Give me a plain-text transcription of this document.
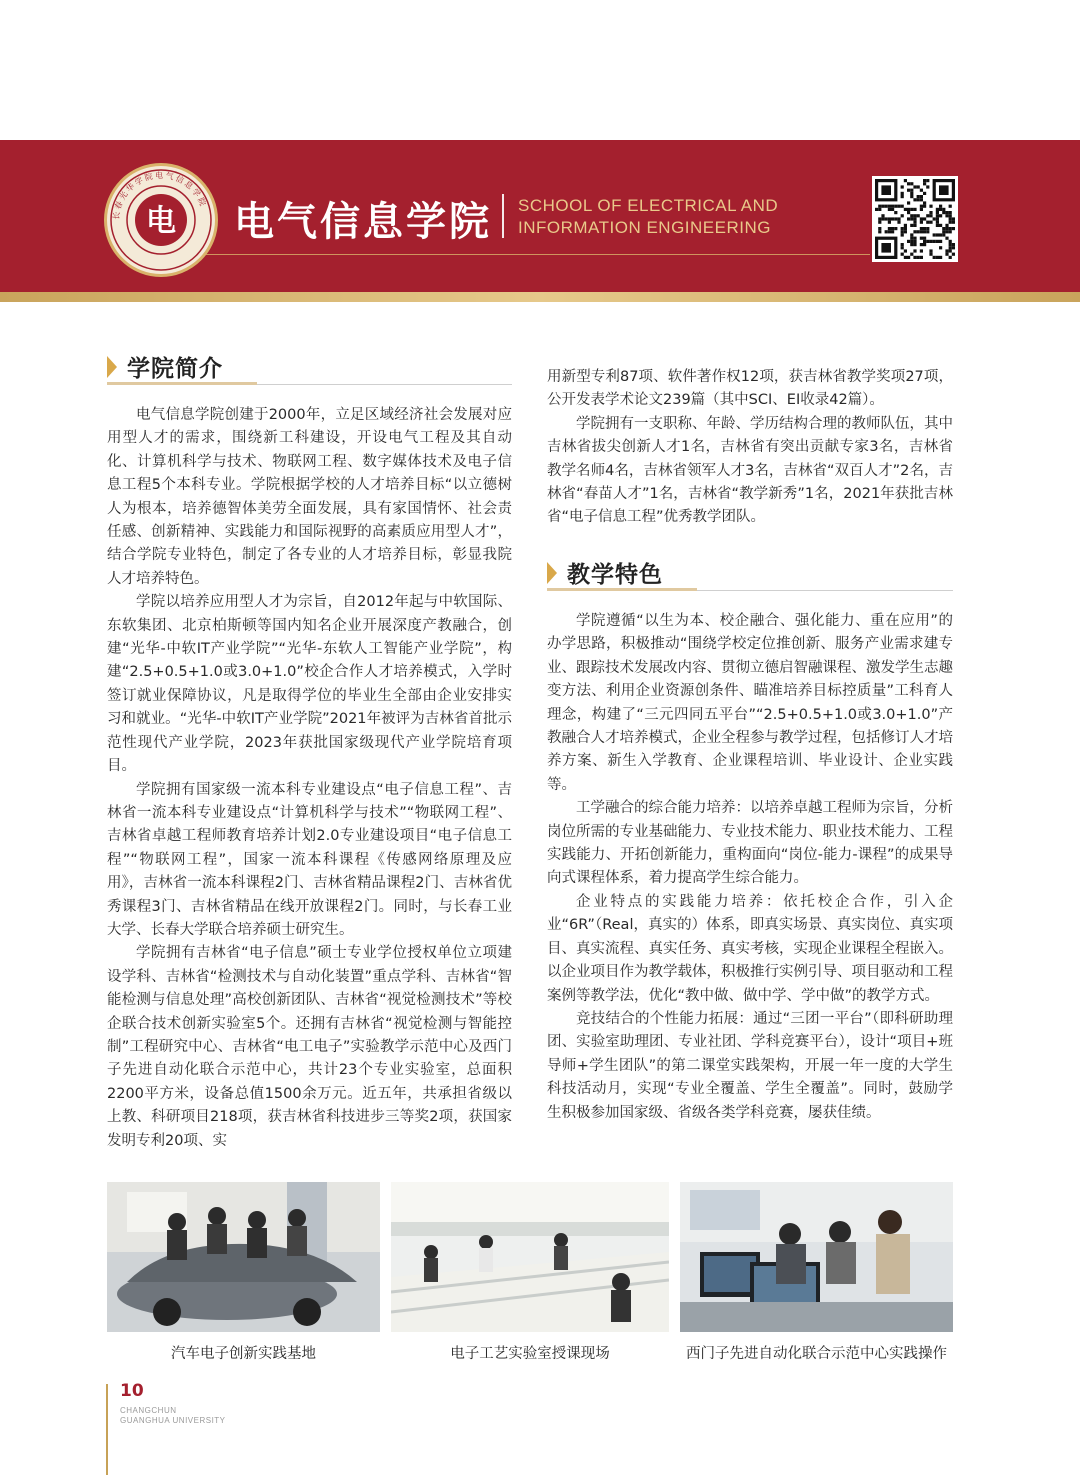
长春光华学院电气信息学院
电 电气信息学院 SCHOOL OF ELECTRICAL AND
INFORMATION ENGINEERING
学院简介

电气信息学院创建于2000年，立足区域经济社会发展对应用型人才的需求，围绕新工科建设，开设电气工程及其自动化、计算机科学与技术、物联网工程、数字媒体技术及电子信息工程5个本科专业。学院根据学校的人才培养目标“以立德树人为根本，培养德智体美劳全面发展，具有家国情怀、社会责任感、创新精神、实践能力和国际视野的高素质应用型人才”，结合学院专业特色，制定了各专业的人才培养目标，彰显我院人才培养特色。

学院以培养应用型人才为宗旨，自2012年起与中软国际、东软集团、北京柏斯顿等国内知名企业开展深度产教融合，创建“光华-中软IT产业学院”“光华-东软人工智能产业学院”，构建“2.5+0.5+1.0或3.0+1.0”校企合作人才培养模式，入学时签订就业保障协议，凡是取得学位的毕业生全部由企业安排实习和就业。“光华-中软IT产业学院”2021年被评为吉林省首批示范性现代产业学院，2023年获批国家级现代产业学院培育项目。

学院拥有国家级一流本科专业建设点“电子信息工程”、吉林省一流本科专业建设点“计算机科学与技术”“物联网工程”、吉林省卓越工程师教育培养计划2.0专业建设项目“电子信息工程”“物联网工程”，国家一流本科课程《传感网络原理及应用》，吉林省一流本科课程2门、吉林省精品课程2门、吉林省优秀课程3门、吉林省精品在线开放课程2门。同时，与长春工业大学、长春大学联合培养硕士研究生。

学院拥有吉林省“电子信息”硕士专业学位授权单位立项建设学科、吉林省“检测技术与自动化装置”重点学科、吉林省“智能检测与信息处理”高校创新团队、吉林省“视觉检测技术”等校企联合技术创新实验室5个。还拥有吉林省“视觉检测与智能控制”工程研究中心、吉林省“电工电子”实验教学示范中心及西门子先进自动化联合示范中心，共计23个专业实验室，总面积2200平方米，设备总值1500余万元。近五年，共承担省级以上教、科研项目218项，获吉林省科技进步三等奖2项，获国家发明专利20项、实

用新型专利87项、软件著作权12项，获吉林省教学奖项27项，公开发表学术论文239篇（其中SCI、EI收录42篇）。

学院拥有一支职称、年龄、学历结构合理的教师队伍，其中吉林省拔尖创新人才1名，吉林省有突出贡献专家3名，吉林省教学名师4名，吉林省领军人才3名，吉林省“双百人才”2名，吉林省“春苗人才”1名，吉林省“教学新秀”1名，2021年获批吉林省“电子信息工程”优秀教学团队。

教学特色

学院遵循“以生为本、校企融合、强化能力、重在应用”的办学思路，积极推动“围绕学校定位推创新、服务产业需求建专业、跟踪技术发展改内容、贯彻立德启智融课程、激发学生志趣变方法、利用企业资源创条件、瞄准培养目标控质量”工科育人理念，构建了“三元四同五平台”“2.5+0.5+1.0或3.0+1.0”产教融合人才培养模式，企业全程参与教学过程，包括修订人才培养方案、新生入学教育、企业课程培训、毕业设计、企业实践等。

工学融合的综合能力培养：以培养卓越工程师为宗旨，分析岗位所需的专业基础能力、专业技术能力、职业技术能力、工程实践能力、开拓创新能力，重构面向“岗位-能力-课程”的成果导向式课程体系，着力提高学生综合能力。

企业特点的实践能力培养：依托校企合作，引入企业“6R”（Real，真实的）体系，即真实场景、真实岗位、真实项目、真实流程、真实任务、真实考核，实现企业课程全程嵌入。以企业项目作为教学载体，积极推行实例引导、项目驱动和工程案例等教学法，优化“教中做、做中学、学中做”的教学方式。

竞技结合的个性能力拓展：通过“三团一平台”（即科研助理团、实验室助理团、专业社团、学科竞赛平台），设计“项目+班导师+学生团队”的第二课堂实践架构，开展一年一度的大学生科技活动月，实现“专业全覆盖、学生全覆盖”。同时，鼓励学生积极参加国家级、省级各类学科竞赛，屡获佳绩。

汽车电子创新实践基地	电子工艺实验室授课现场	西门子先进自动化联合示范中心实践操作
10
CHANGCHUN
GUANGHUA UNIVERSITY
